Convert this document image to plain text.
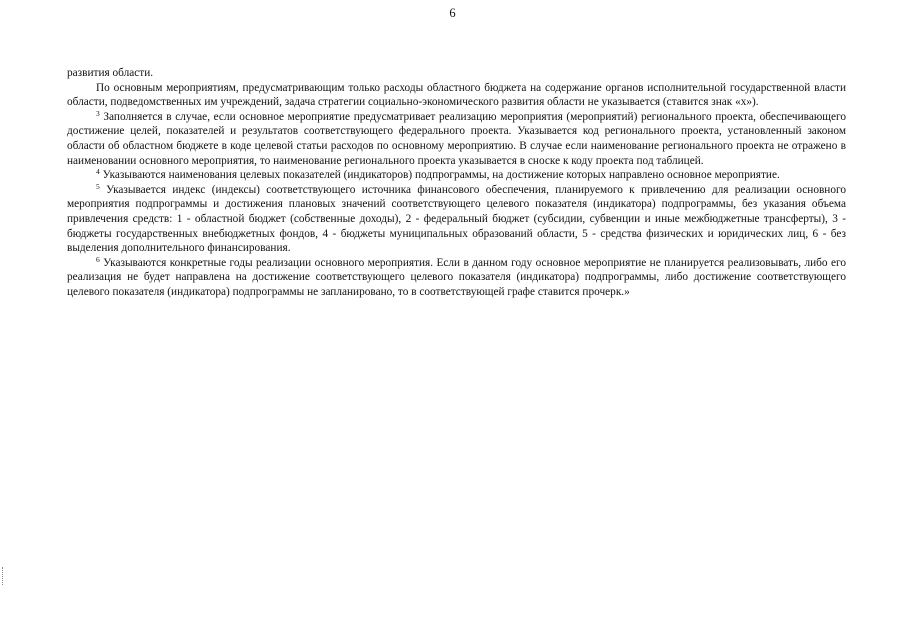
6

развития области.

По основным мероприятиям, предусматривающим только расходы областного бюджета на содержание органов исполнительной государственной власти области, подведомственных им учреждений, задача стратегии социально-экономического развития области не указывается (ставится знак «х»).

$^3$ Заполняется в случае, если основное мероприятие предусматривает реализацию мероприятия (мероприятий) регионального проекта, обеспечивающего достижение целей, показателей и результатов соответствующего федерального проекта. Указывается код регионального проекта, установленный законом области об областном бюджете в коде целевой статьи расходов по основному мероприятию. В случае если наименование регионального проекта не отражено в наименовании основного мероприятия, то наименование регионального проекта указывается в сноске к коду проекта под таблицей.

$^4$ Указываются наименования целевых показателей (индикаторов) подпрограммы, на достижение которых направлено основное мероприятие.

$^5$ Указывается индекс (индексы) соответствующего источника финансового обеспечения, планируемого к привлечению для реализации основного мероприятия подпрограммы и достижения плановых значений соответствующего целевого показателя (индикатора) подпрограммы, без указания объема привлечения средств: 1 - областной бюджет (собственные доходы), 2 - федеральный бюджет (субсидии, субвенции и иные межбюджетные трансферты), 3 - бюджеты государственных внебюджетных фондов, 4 - бюджеты муниципальных образований области, 5 - средства физических и юридических лиц, 6 - без выделения дополнительного финансирования.

$^6$ Указываются конкретные годы реализации основного мероприятия. Если в данном году основное мероприятие не планируется реализовывать, либо его реализация не будет направлена на достижение соответствующего целевого показателя (индикатора) подпрограммы, либо достижение соответствующего целевого показателя (индикатора) подпрограммы не запланировано, то в соответствующей графе ставится прочерк.»
